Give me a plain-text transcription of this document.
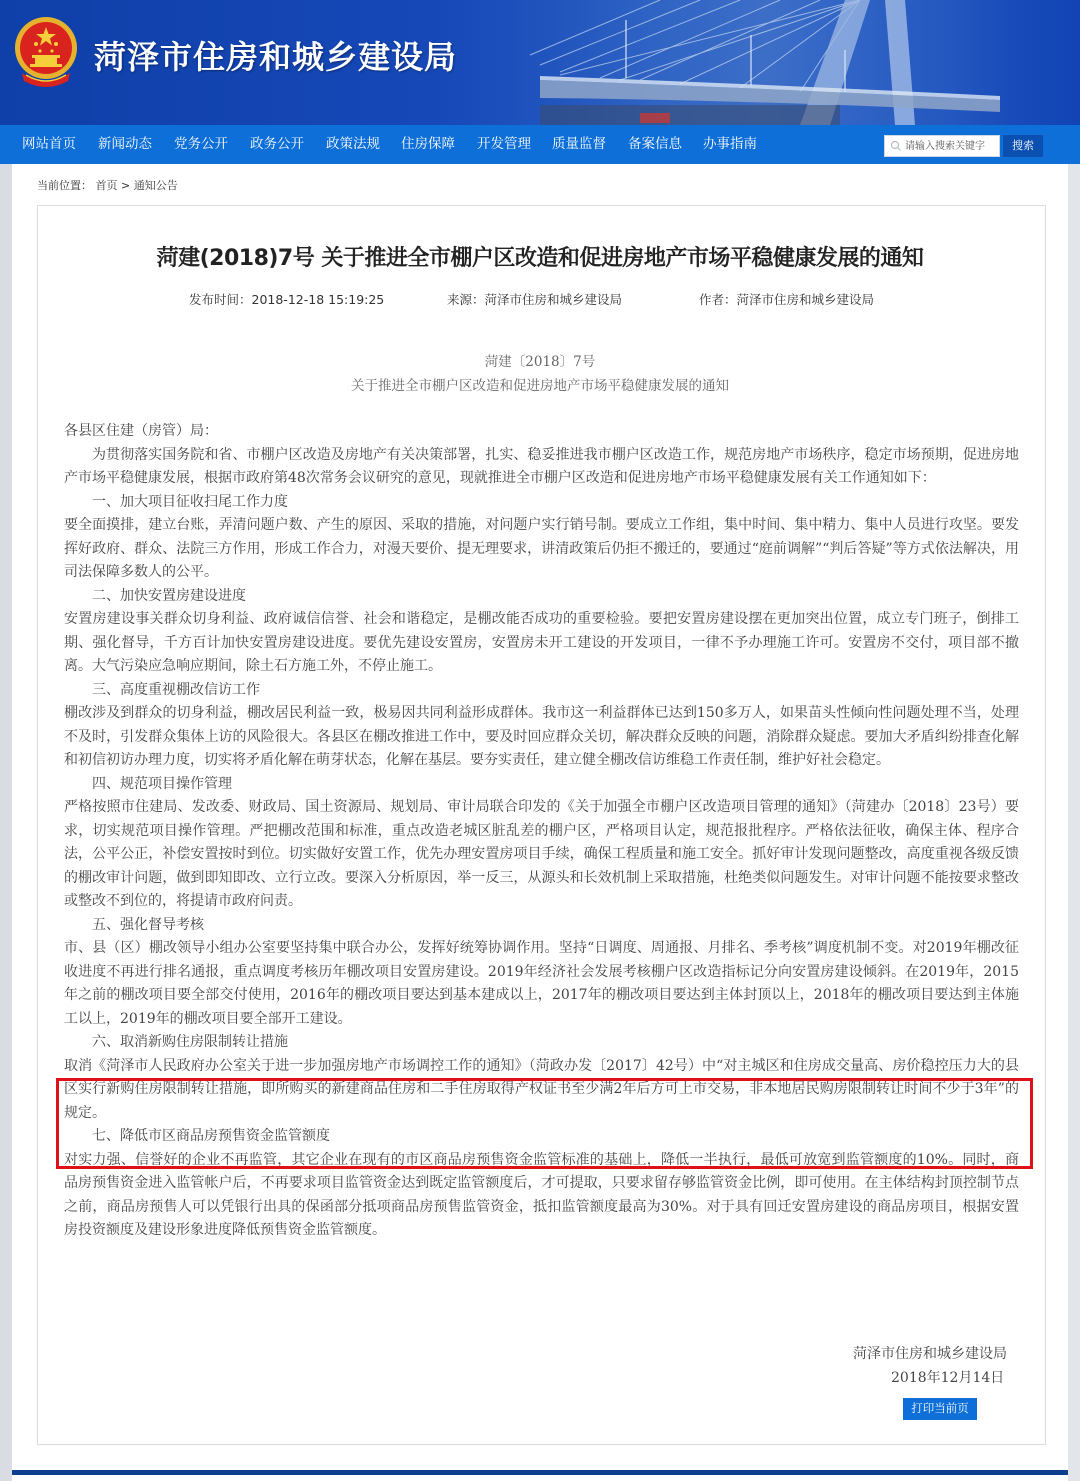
菏泽市住房和城乡建设局
网站首页 新闻动态 党务公开 政务公开 政策法规 住房保障 开发管理 质量监督 备案信息 办事指南
请输入搜索关键字	搜索
当前位置： 首页 > 通知公告
菏建(2018)7号 关于推进全市棚户区改造和促进房地产市场平稳健康发展的通知
发布时间：2018-12-18 15:19:25	来源：菏泽市住房和城乡建设局	作者：菏泽市住房和城乡建设局
菏建〔2018〕7号
关于推进全市棚户区改造和促进房地产市场平稳健康发展的通知

各县区住建（房管）局：

为贯彻落实国务院和省、市棚户区改造及房地产有关决策部署，扎实、稳妥推进我市棚户区改造工作，规范房地产市场秩序，稳定市场预期，促进房地产市场平稳健康发展，根据市政府第48次常务会议研究的意见，现就推进全市棚户区改造和促进房地产市场平稳健康发展有关工作通知如下：

一、加大项目征收扫尾工作力度

要全面摸排，建立台账，弄清问题户数、产生的原因、采取的措施，对问题户实行销号制。要成立工作组，集中时间、集中精力、集中人员进行攻坚。要发挥好政府、群众、法院三方作用，形成工作合力，对漫天要价、提无理要求，讲清政策后仍拒不搬迁的，要通过“庭前调解”“判后答疑”等方式依法解决，用司法保障多数人的公平。

二、加快安置房建设进度

安置房建设事关群众切身利益、政府诚信信誉、社会和谐稳定，是棚改能否成功的重要检验。要把安置房建设摆在更加突出位置，成立专门班子，倒排工期、强化督导，千方百计加快安置房建设进度。要优先建设安置房，安置房未开工建设的开发项目，一律不予办理施工许可。安置房不交付，项目部不撤离。大气污染应急响应期间，除土石方施工外，不停止施工。

三、高度重视棚改信访工作

棚改涉及到群众的切身利益，棚改居民利益一致，极易因共同利益形成群体。我市这一利益群体已达到150多万人，如果苗头性倾向性问题处理不当，处理不及时，引发群众集体上访的风险很大。各县区在棚改推进工作中，要及时回应群众关切，解决群众反映的问题，消除群众疑虑。要加大矛盾纠纷排查化解和初信初访办理力度，切实将矛盾化解在萌芽状态，化解在基层。要夯实责任，建立健全棚改信访维稳工作责任制，维护好社会稳定。

四、规范项目操作管理

严格按照市住建局、发改委、财政局、国土资源局、规划局、审计局联合印发的《关于加强全市棚户区改造项目管理的通知》（菏建办〔2018〕23号）要求，切实规范项目操作管理。严把棚改范围和标准，重点改造老城区脏乱差的棚户区，严格项目认定，规范报批程序。严格依法征收，确保主体、程序合法，公平公正，补偿安置按时到位。切实做好安置工作，优先办理安置房项目手续，确保工程质量和施工安全。抓好审计发现问题整改，高度重视各级反馈的棚改审计问题，做到即知即改、立行立改。要深入分析原因，举一反三，从源头和长效机制上采取措施，杜绝类似问题发生。对审计问题不能按要求整改或整改不到位的，将提请市政府问责。

五、强化督导考核

市、县（区）棚改领导小组办公室要坚持集中联合办公，发挥好统筹协调作用。坚持“日调度、周通报、月排名、季考核”调度机制不变。对2019年棚改征收进度不再进行排名通报，重点调度考核历年棚改项目安置房建设。2019年经济社会发展考核棚户区改造指标记分向安置房建设倾斜。在2019年，2015年之前的棚改项目要全部交付使用，2016年的棚改项目要达到基本建成以上，2017年的棚改项目要达到主体封顶以上，2018年的棚改项目要达到主体施工以上，2019年的棚改项目要全部开工建设。

六、取消新购住房限制转让措施

取消《菏泽市人民政府办公室关于进一步加强房地产市场调控工作的通知》（菏政办发〔2017〕42号）中“对主城区和住房成交量高、房价稳控压力大的县区实行新购住房限制转让措施，即所购买的新建商品住房和二手住房取得产权证书至少满2年后方可上市交易，非本地居民购房限制转让时间不少于3年”的规定。

七、降低市区商品房预售资金监管额度

对实力强、信誉好的企业不再监管，其它企业在现有的市区商品房预售资金监管标准的基础上，降低一半执行，最低可放宽到监管额度的10%。同时，商品房预售资金进入监管帐户后，不再要求项目监管资金达到既定监管额度后，才可提取，只要求留存够监管资金比例，即可使用。在主体结构封顶控制节点之前，商品房预售人可以凭银行出具的保函部分抵项商品房预售监管资金，抵扣监管额度最高为30%。对于具有回迁安置房建设的商品房项目，根据安置房投资额度及建设形象进度降低预售资金监管额度。

菏泽市住房和城乡建设局
2018年12月14日
打印当前页
